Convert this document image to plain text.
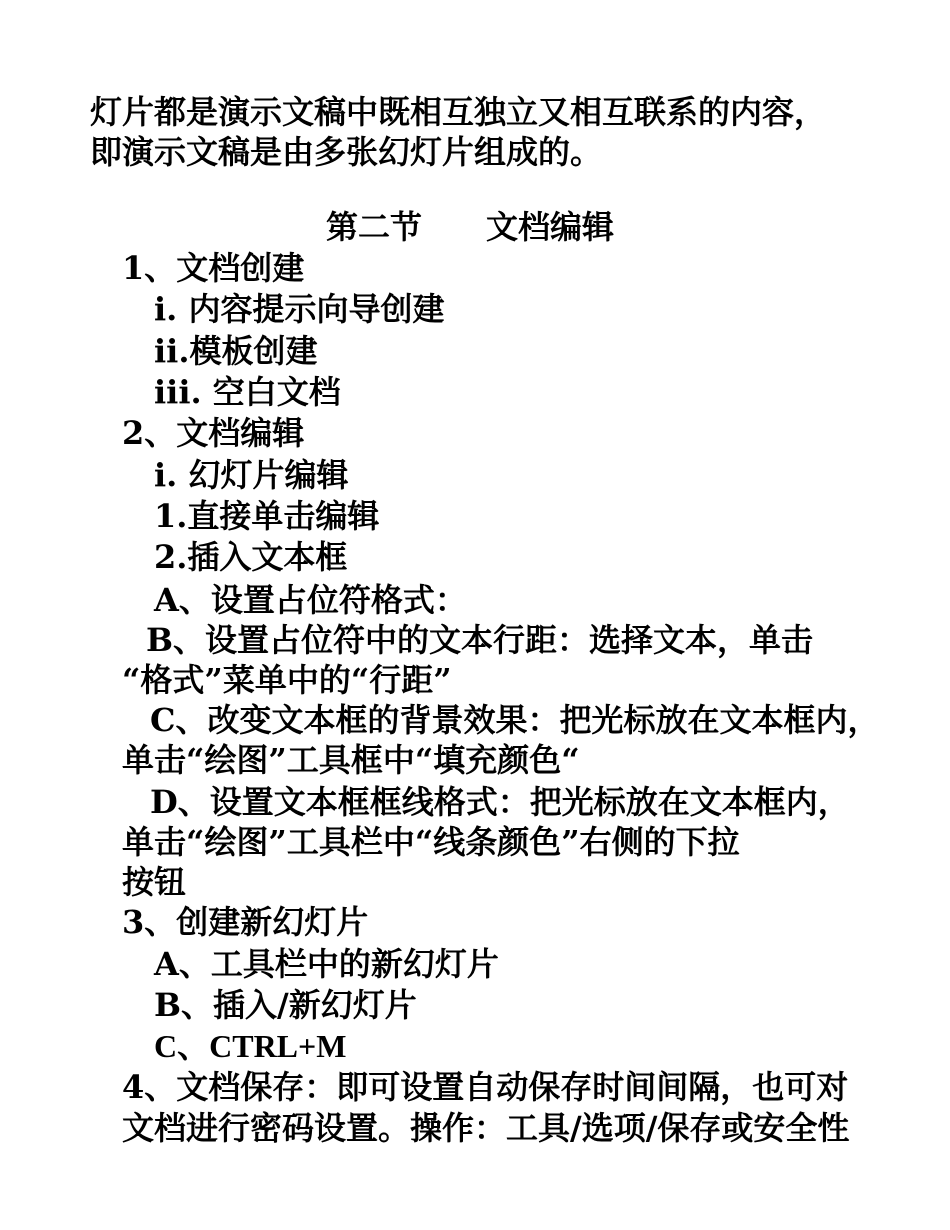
灯片都是演示文稿中既相互独立又相互联系的内容，
即演示文稿是由多张幻灯片组成的。
第二节　　文档编辑
1、文档创建
i. 内容提示向导创建
ii.模板创建
iii. 空白文档
2、文档编辑
i. 幻灯片编辑
1.直接单击编辑
2.插入文本框
A、设置占位符格式：
B、设置占位符中的文本行距：选择文本，单击
“格式”菜单中的“行距”
C、改变文本框的背景效果：把光标放在文本框内，
单击“绘图”工具框中“填充颜色“
D、设置文本框框线格式：把光标放在文本框内，
单击“绘图”工具栏中“线条颜色”右侧的下拉
按钮
3、创建新幻灯片
A、工具栏中的新幻灯片
B、插入/新幻灯片
C、CTRL+M
4、文档保存：即可设置自动保存时间间隔，也可对
文档进行密码设置。操作：工具/选项/保存或安全性
